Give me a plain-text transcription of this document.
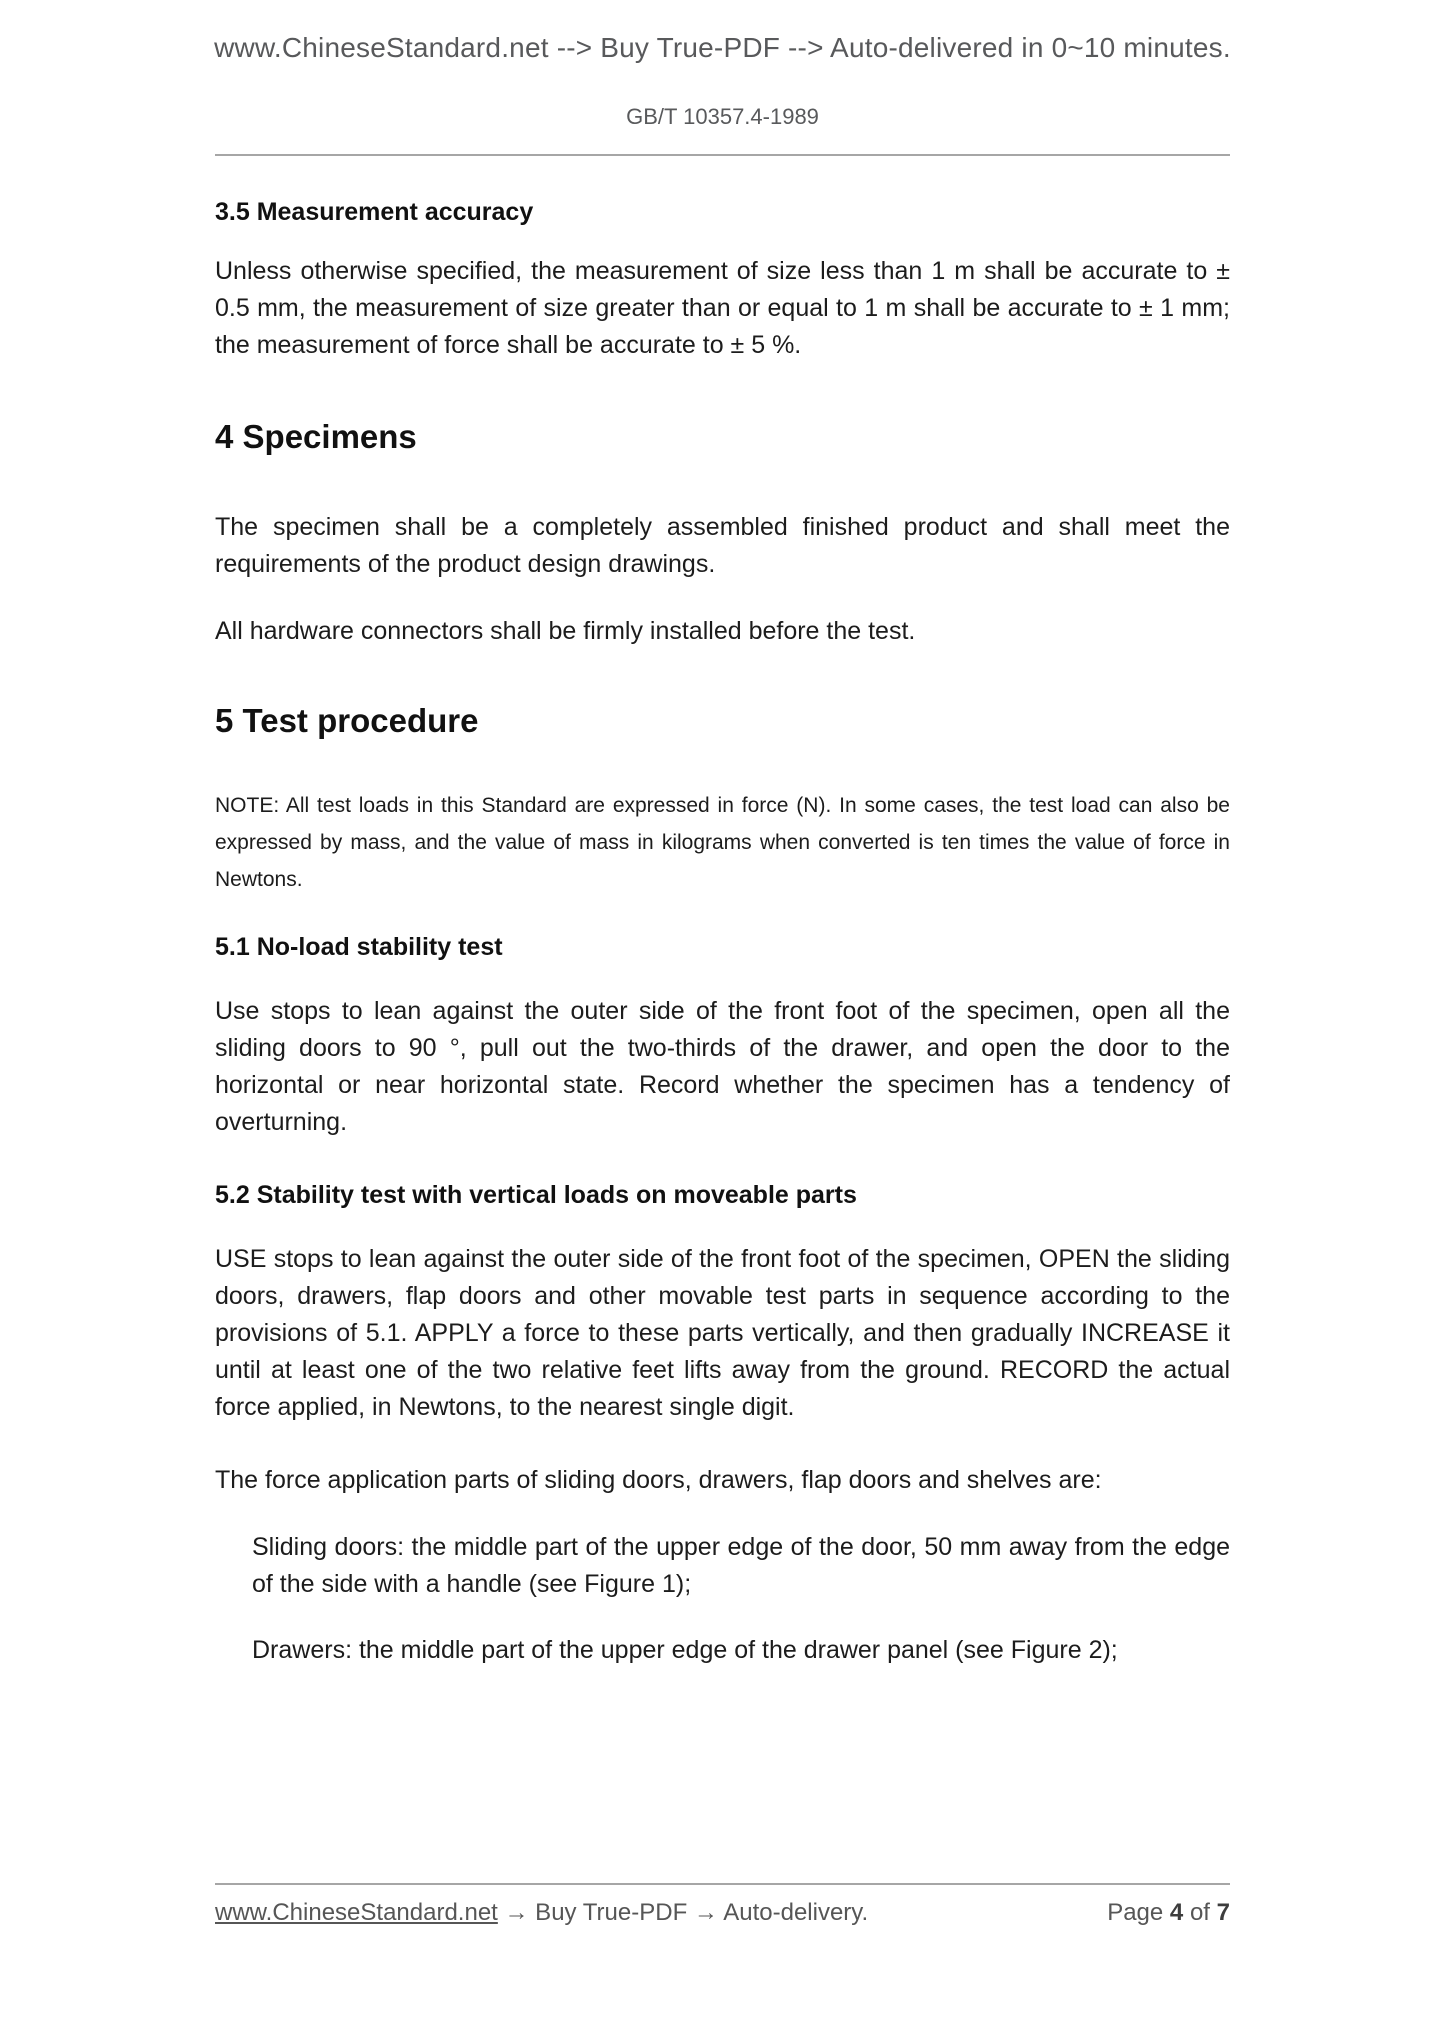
www.ChineseStandard.net --> Buy True-PDF --> Auto-delivered in 0~10 minutes.
GB/T 10357.4-1989
3.5 Measurement accuracy

Unless otherwise specified, the measurement of size less than 1 m shall be accurate to ± 0.5 mm, the measurement of size greater than or equal to 1 m shall be accurate to ± 1 mm; the measurement of force shall be accurate to ± 5 %.

4 Specimens

The specimen shall be a completely assembled finished product and shall meet the requirements of the product design drawings.

All hardware connectors shall be firmly installed before the test.

5 Test procedure

NOTE: All test loads in this Standard are expressed in force (N). In some cases, the test load can also be expressed by mass, and the value of mass in kilograms when converted is ten times the value of force in Newtons.

5.1 No-load stability test

Use stops to lean against the outer side of the front foot of the specimen, open all the sliding doors to 90 °, pull out the two-thirds of the drawer, and open the door to the horizontal or near horizontal state. Record whether the specimen has a tendency of overturning.

5.2 Stability test with vertical loads on moveable parts

USE stops to lean against the outer side of the front foot of the specimen, OPEN the sliding doors, drawers, flap doors and other movable test parts in sequence according to the provisions of 5.1. APPLY a force to these parts vertically, and then gradually INCREASE it until at least one of the two relative feet lifts away from the ground. RECORD the actual force applied, in Newtons, to the nearest single digit.

The force application parts of sliding doors, drawers, flap doors and shelves are:

Sliding doors: the middle part of the upper edge of the door, 50 mm away from the edge of the side with a handle (see Figure 1);

Drawers: the middle part of the upper edge of the drawer panel (see Figure 2);

www.ChineseStandard.net → Buy True-PDF → Auto-delivery.	Page 4 of 7
